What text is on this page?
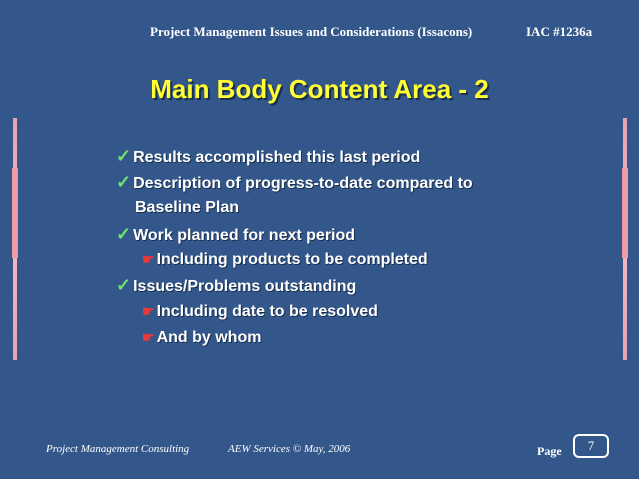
Project Management Issues and Considerations (Issacons)	IAC #1236a
Main Body Content Area - 2
✓ Results accomplished this last period
✓ Description of progress-to-date compared to
Baseline Plan
✓ Work planned for next period
☛ Including products to be completed
✓ Issues/Problems outstanding
☛ Including date to be resolved
☛ And by whom
Project Management Consulting	AEW Services © May, 2006	Page	7
